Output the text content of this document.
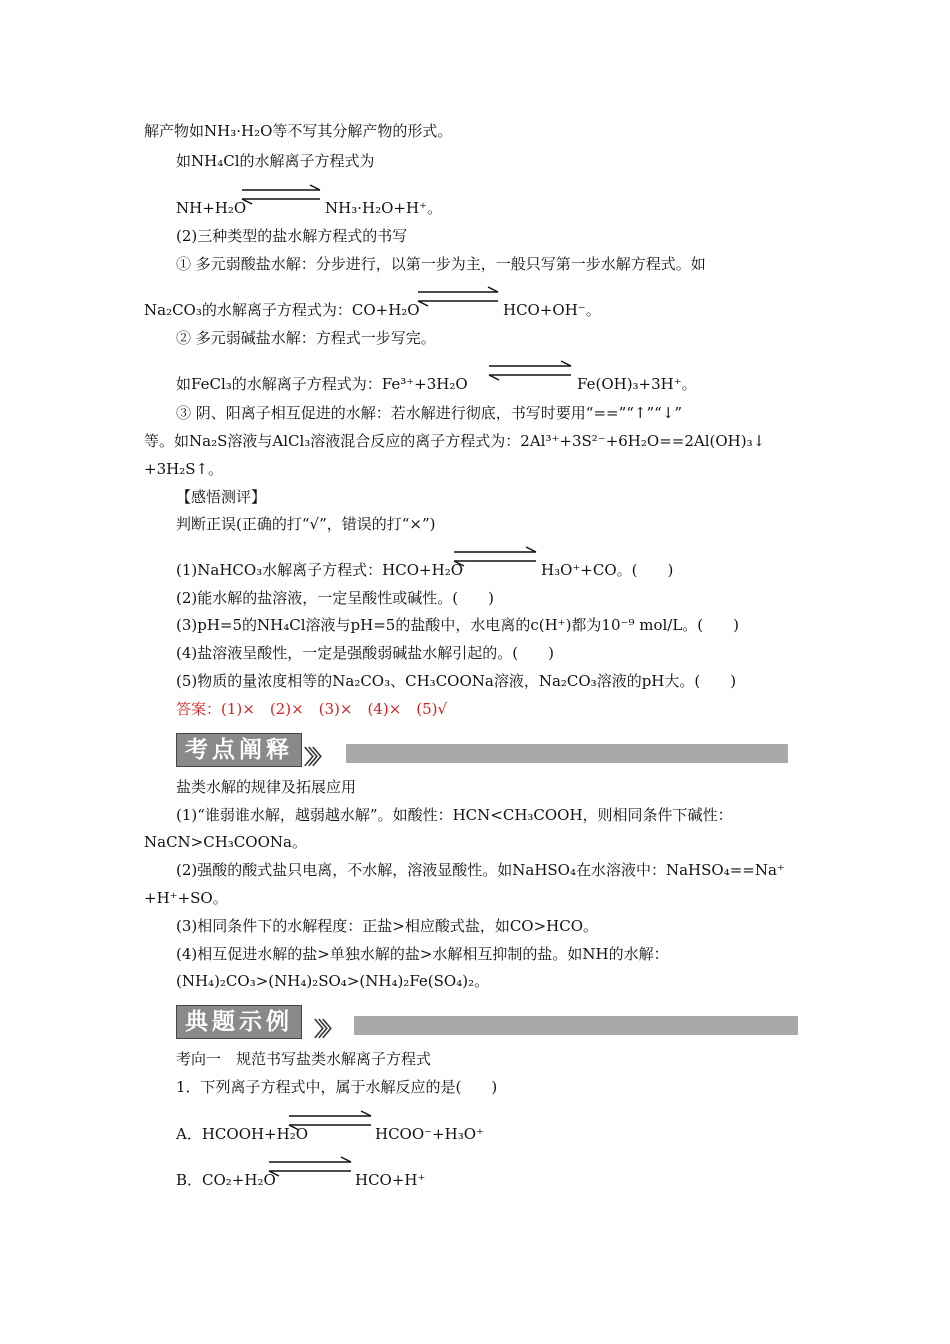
解产物如NH₃·H₂O等不写其分解产物的形式。
如NH₄Cl的水解离子方程式为
NH+H₂O	NH₃·H₂O+H⁺。
(2)三种类型的盐水解方程式的书写
① 多元弱酸盐水解：分步进行，以第一步为主，一般只写第一步水解方程式。如
Na₂CO₃的水解离子方程式为：CO+H₂O	HCO+OH⁻。
② 多元弱碱盐水解：方程式一步写完。
如FeCl₃的水解离子方程式为：Fe³⁺+3H₂O	Fe(OH)₃+3H⁺。
③ 阴、阳离子相互促进的水解：若水解进行彻底，书写时要用“==”“↑”“↓”
等。如Na₂S溶液与AlCl₃溶液混合反应的离子方程式为：2Al³⁺+3S²⁻+6H₂O==2Al(OH)₃↓
+3H₂S↑。
【感悟测评】
判断正误(正确的打“√”，错误的打“×”)
(1)NaHCO₃水解离子方程式：HCO+H₂O	H₃O⁺+CO。(　　)
(2)能水解的盐溶液，一定呈酸性或碱性。(　　)
(3)pH=5的NH₄Cl溶液与pH=5的盐酸中，水电离的c(H⁺)都为10⁻⁹ mol/L。(　　)
(4)盐溶液呈酸性，一定是强酸弱碱盐水解引起的。(　　)
(5)物质的量浓度相等的Na₂CO₃、CH₃COONa溶液，Na₂CO₃溶液的pH大。(　　)
答案：(1)×　(2)×　(3)×　(4)×　(5)√
考点阐释 〉〉〉
盐类水解的规律及拓展应用
(1)“谁弱谁水解，越弱越水解”。如酸性：HCN<CH₃COOH，则相同条件下碱性：
NaCN>CH₃COONa。
(2)强酸的酸式盐只电离，不水解，溶液显酸性。如NaHSO₄在水溶液中：NaHSO₄==Na⁺
+H⁺+SO。
(3)相同条件下的水解程度：正盐>相应酸式盐，如CO>HCO。
(4)相互促进水解的盐>单独水解的盐>水解相互抑制的盐。如NH的水解：
(NH₄)₂CO₃>(NH₄)₂SO₄>(NH₄)₂Fe(SO₄)₂。
典题示例	〉〉〉
考向一　规范书写盐类水解离子方程式
1．下列离子方程式中，属于水解反应的是(　　)
A．HCOOH+H₂O	HCOO⁻+H₃O⁺
B．CO₂+H₂O	HCO+H⁺
